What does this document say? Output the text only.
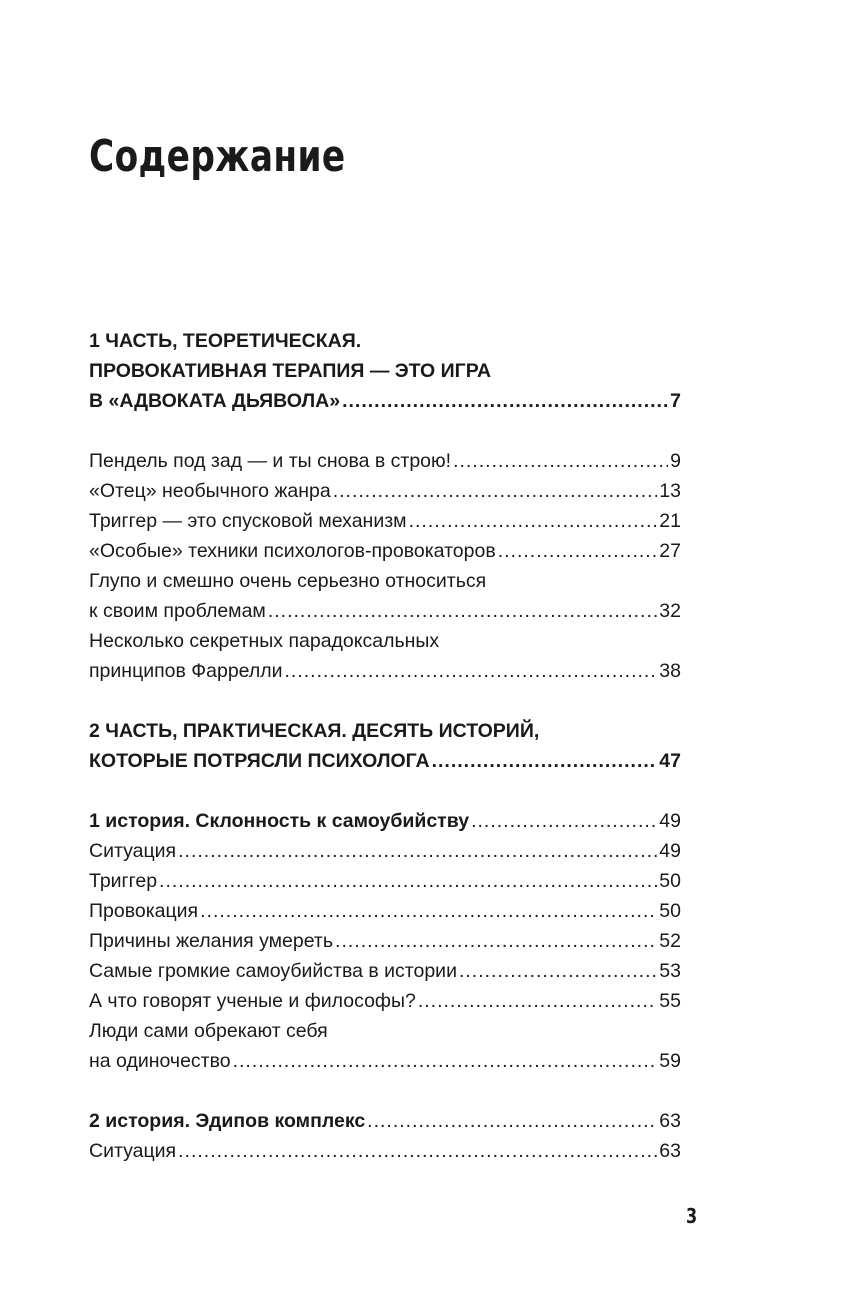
Содержание
1 ЧАСТЬ, ТЕОРЕТИЧЕСКАЯ.
ПРОВОКАТИВНАЯ ТЕРАПИЯ — ЭТО ИГРА
В «АДВОКАТА ДЬЯВОЛА» .....	7
Пендель под зад — и ты снова в строю! .....	9
«Отец» необычного жанра .....	13
Триггер — это спусковой механизм .....	21
«Особые» техники психологов-провокаторов .....	27
Глупо и смешно очень серьезно относиться
к своим проблемам .....	32
Несколько секретных парадоксальных
принципов Фаррелли .....	38
2 ЧАСТЬ, ПРАКТИЧЕСКАЯ. ДЕСЯТЬ ИСТОРИЙ,
КОТОРЫЕ ПОТРЯСЛИ ПСИХОЛОГА .....	47
1 история. Склонность к самоубийству .....	49
Ситуация .....	49
Триггер .....	50
Провокация .....	50
Причины желания умереть .....	52
Самые громкие самоубийства в истории .....	53
А что говорят ученые и философы? .....	55
Люди сами обрекают себя
на одиночество .....	59
2 история. Эдипов комплекс .....	63
Ситуация .....	63
3
